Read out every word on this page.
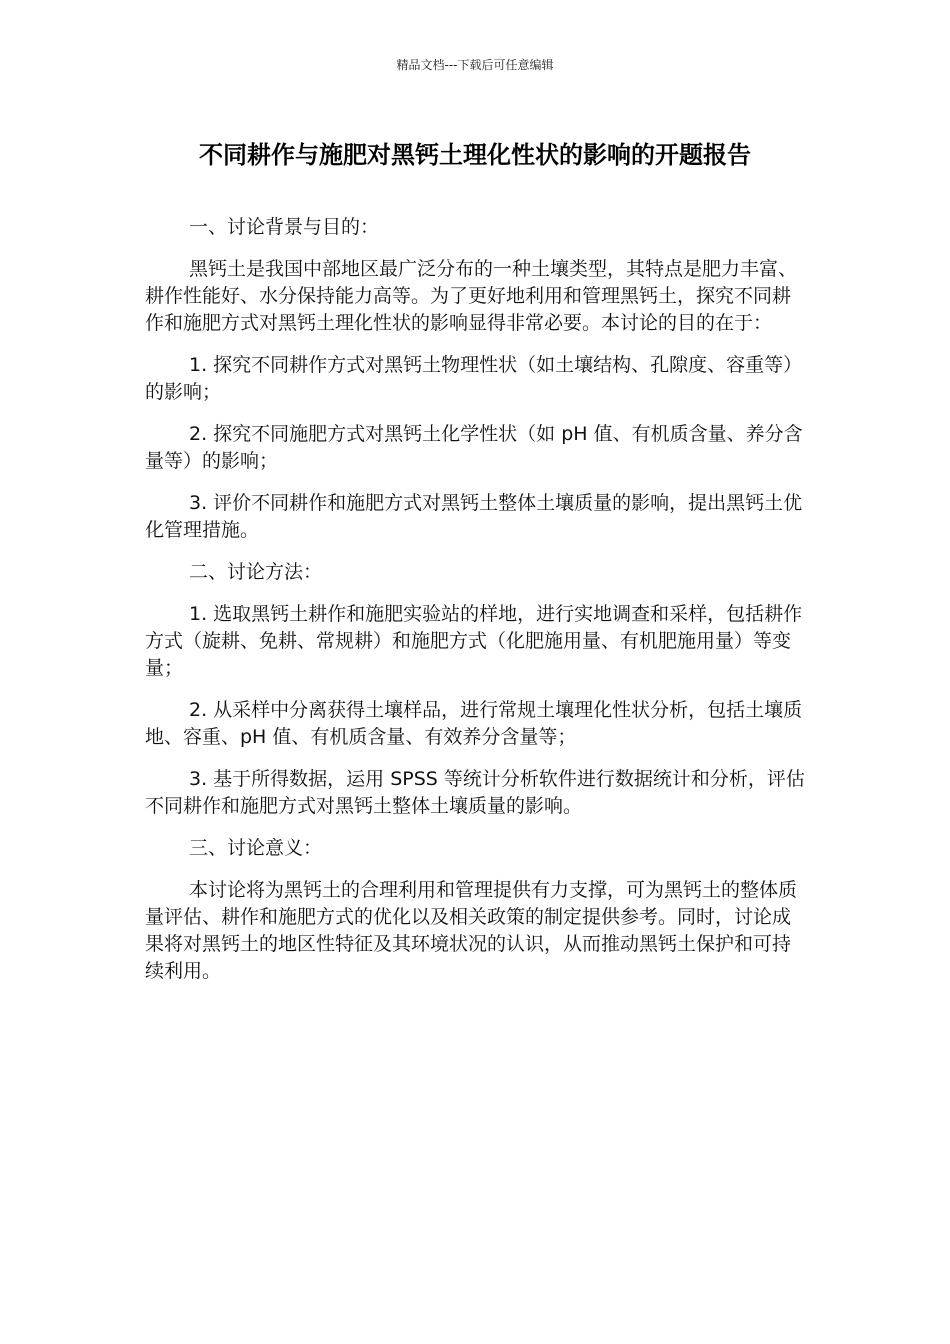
精品文档---下载后可任意编辑
不同耕作与施肥对黑钙土理化性状的影响的开题报告

一、讨论背景与目的：

黑钙土是我国中部地区最广泛分布的一种土壤类型，其特点是肥力丰富、耕作性能好、水分保持能力高等。为了更好地利用和管理黑钙土，探究不同耕作和施肥方式对黑钙土理化性状的影响显得非常必要。本讨论的目的在于：

1. 探究不同耕作方式对黑钙土物理性状（如土壤结构、孔隙度、容重等）的影响；

2. 探究不同施肥方式对黑钙土化学性状（如 pH 值、有机质含量、养分含量等）的影响；

3. 评价不同耕作和施肥方式对黑钙土整体土壤质量的影响，提出黑钙土优化管理措施。

二、讨论方法：

1. 选取黑钙土耕作和施肥实验站的样地，进行实地调查和采样，包括耕作方式（旋耕、免耕、常规耕）和施肥方式（化肥施用量、有机肥施用量）等变量；

2. 从采样中分离获得土壤样品，进行常规土壤理化性状分析，包括土壤质地、容重、pH 值、有机质含量、有效养分含量等；

3. 基于所得数据，运用 SPSS 等统计分析软件进行数据统计和分析，评估不同耕作和施肥方式对黑钙土整体土壤质量的影响。

三、讨论意义：

本讨论将为黑钙土的合理利用和管理提供有力支撑，可为黑钙土的整体质量评估、耕作和施肥方式的优化以及相关政策的制定提供参考。同时，讨论成果将对黑钙土的地区性特征及其环境状况的认识，从而推动黑钙土保护和可持续利用。
